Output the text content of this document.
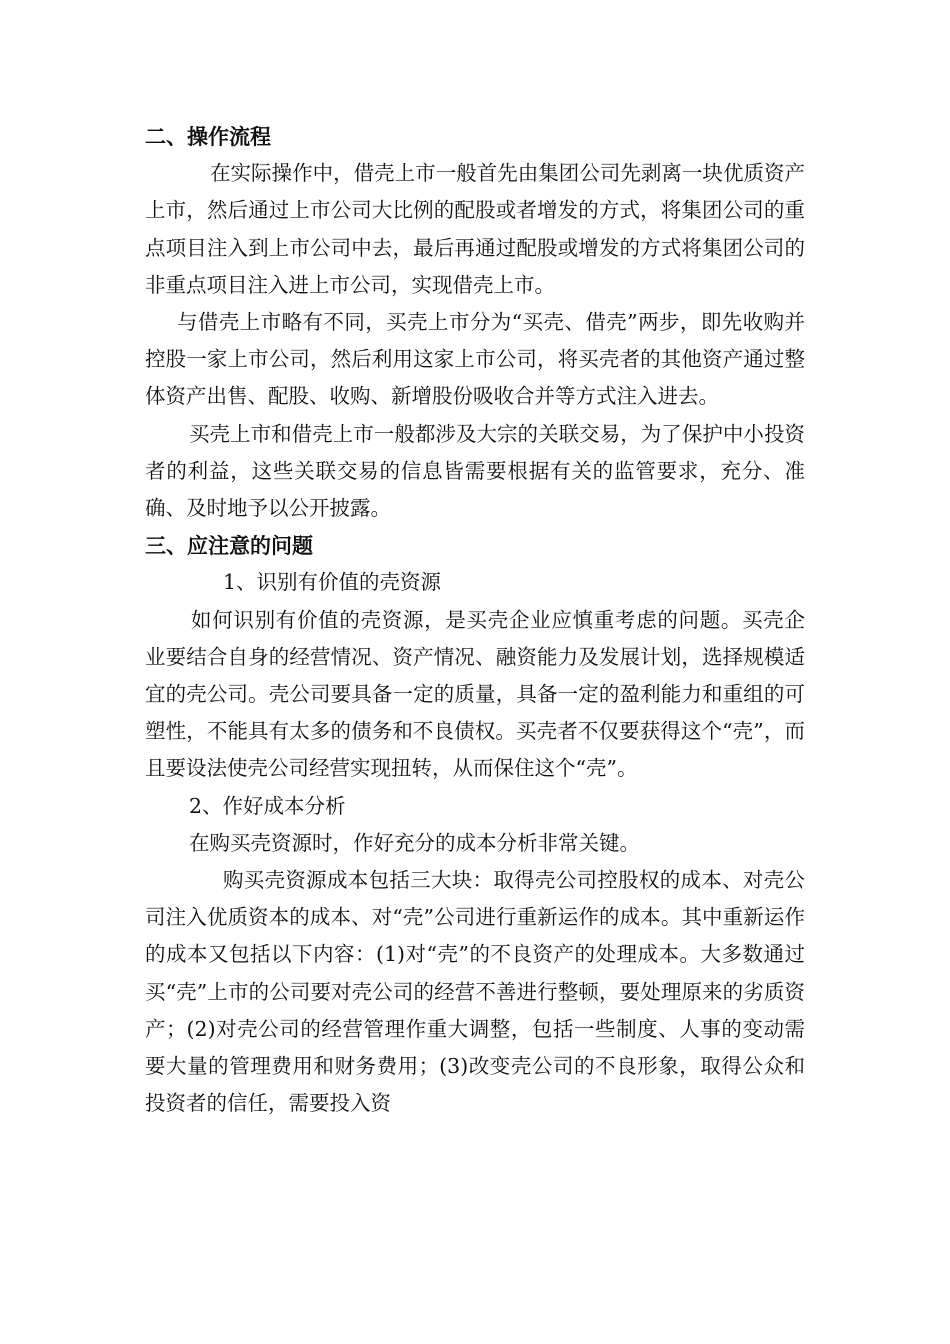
二、操作流程

在实际操作中，借壳上市一般首先由集团公司先剥离一块优质资产上市，然后通过上市公司大比例的配股或者增发的方式，将集团公司的重点项目注入到上市公司中去，最后再通过配股或增发的方式将集团公司的非重点项目注入进上市公司，实现借壳上市。

与借壳上市略有不同，买壳上市分为“买壳、借壳”两步，即先收购并控股一家上市公司，然后利用这家上市公司，将买壳者的其他资产通过整体资产出售、配股、收购、新增股份吸收合并等方式注入进去。

买壳上市和借壳上市一般都涉及大宗的关联交易，为了保护中小投资者的利益，这些关联交易的信息皆需要根据有关的监管要求，充分、准确、及时地予以公开披露。

三、应注意的问题

1、识别有价值的壳资源

如何识别有价值的壳资源，是买壳企业应慎重考虑的问题。买壳企业要结合自身的经营情况、资产情况、融资能力及发展计划，选择规模适宜的壳公司。壳公司要具备一定的质量，具备一定的盈利能力和重组的可塑性，不能具有太多的债务和不良债权。买壳者不仅要获得这个“壳”，而且要设法使壳公司经营实现扭转，从而保住这个“壳”。

2、作好成本分析

在购买壳资源时，作好充分的成本分析非常关键。

购买壳资源成本包括三大块：取得壳公司控股权的成本、对壳公司注入优质资本的成本、对“壳”公司进行重新运作的成本。其中重新运作的成本又包括以下内容：(1)对“壳”的不良资产的处理成本。大多数通过买“壳”上市的公司要对壳公司的经营不善进行整顿，要处理原来的劣质资产；(2)对壳公司的经营管理作重大调整，包括一些制度、人事的变动需要大量的管理费用和财务费用；(3)改变壳公司的不良形象，取得公众和投资者的信任，需要投入资
